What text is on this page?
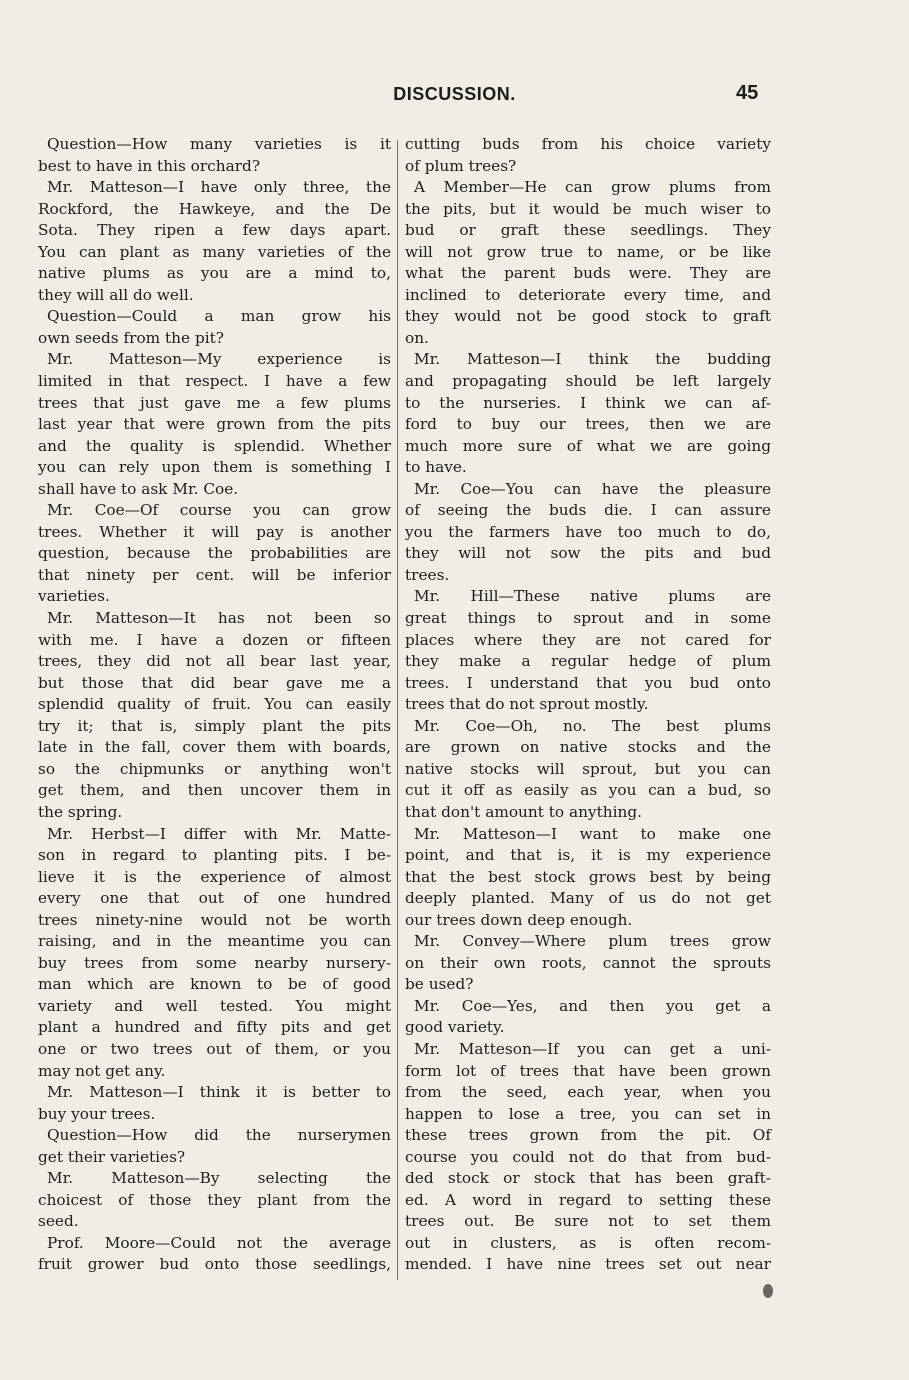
DISCUSSION.	45

Question—How many varieties is it
best to have in this orchard?

Mr. Matteson—I have only three, the
Rockford, the Hawkeye, and the De
Sota. They ripen a few days apart.
You can plant as many varieties of the
native plums as you are a mind to,
they will all do well.

Question—Could a man grow his
own seeds from the pit?

Mr. Matteson—My experience is
limited in that respect. I have a few
trees that just gave me a few plums
last year that were grown from the pits
and the quality is splendid. Whether
you can rely upon them is something I
shall have to ask Mr. Coe.

Mr. Coe—Of course you can grow
trees. Whether it will pay is another
question, because the probabilities are
that ninety per cent. will be inferior
varieties.

Mr. Matteson—It has not been so
with me. I have a dozen or fifteen
trees, they did not all bear last year,
but those that did bear gave me a
splendid quality of fruit. You can easily
try it; that is, simply plant the pits
late in the fall, cover them with boards,
so the chipmunks or anything won't
get them, and then uncover them in
the spring.

Mr. Herbst—I differ with Mr. Matte-
son in regard to planting pits. I be-
lieve it is the experience of almost
every one that out of one hundred
trees ninety-nine would not be worth
raising, and in the meantime you can
buy trees from some nearby nursery-
man which are known to be of good
variety and well tested. You might
plant a hundred and fifty pits and get
one or two trees out of them, or you
may not get any.

Mr. Matteson—I think it is better to
buy your trees.

Question—How did the nurserymen
get their varieties?

Mr. Matteson—By selecting the
choicest of those they plant from the
seed.

Prof. Moore—Could not the average
fruit grower bud onto those seedlings,

cutting buds from his choice variety
of plum trees?

A Member—He can grow plums from
the pits, but it would be much wiser to
bud or graft these seedlings. They
will not grow true to name, or be like
what the parent buds were. They are
inclined to deteriorate every time, and
they would not be good stock to graft
on.

Mr. Matteson—I think the budding
and propagating should be left largely
to the nurseries. I think we can af-
ford to buy our trees, then we are
much more sure of what we are going
to have.

Mr. Coe—You can have the pleasure
of seeing the buds die. I can assure
you the farmers have too much to do,
they will not sow the pits and bud
trees.

Mr. Hill—These native plums are
great things to sprout and in some
places where they are not cared for
they make a regular hedge of plum
trees. I understand that you bud onto
trees that do not sprout mostly.

Mr. Coe—Oh, no. The best plums
are grown on native stocks and the
native stocks will sprout, but you can
cut it off as easily as you can a bud, so
that don't amount to anything.

Mr. Matteson—I want to make one
point, and that is, it is my experience
that the best stock grows best by being
deeply planted. Many of us do not get
our trees down deep enough.

Mr. Convey—Where plum trees grow
on their own roots, cannot the sprouts
be used?

Mr. Coe—Yes, and then you get a
good variety.

Mr. Matteson—If you can get a uni-
form lot of trees that have been grown
from the seed, each year, when you
happen to lose a tree, you can set in
these trees grown from the pit. Of
course you could not do that from bud-
ded stock or stock that has been graft-
ed. A word in regard to setting these
trees out. Be sure not to set them
out in clusters, as is often recom-
mended. I have nine trees set out near
